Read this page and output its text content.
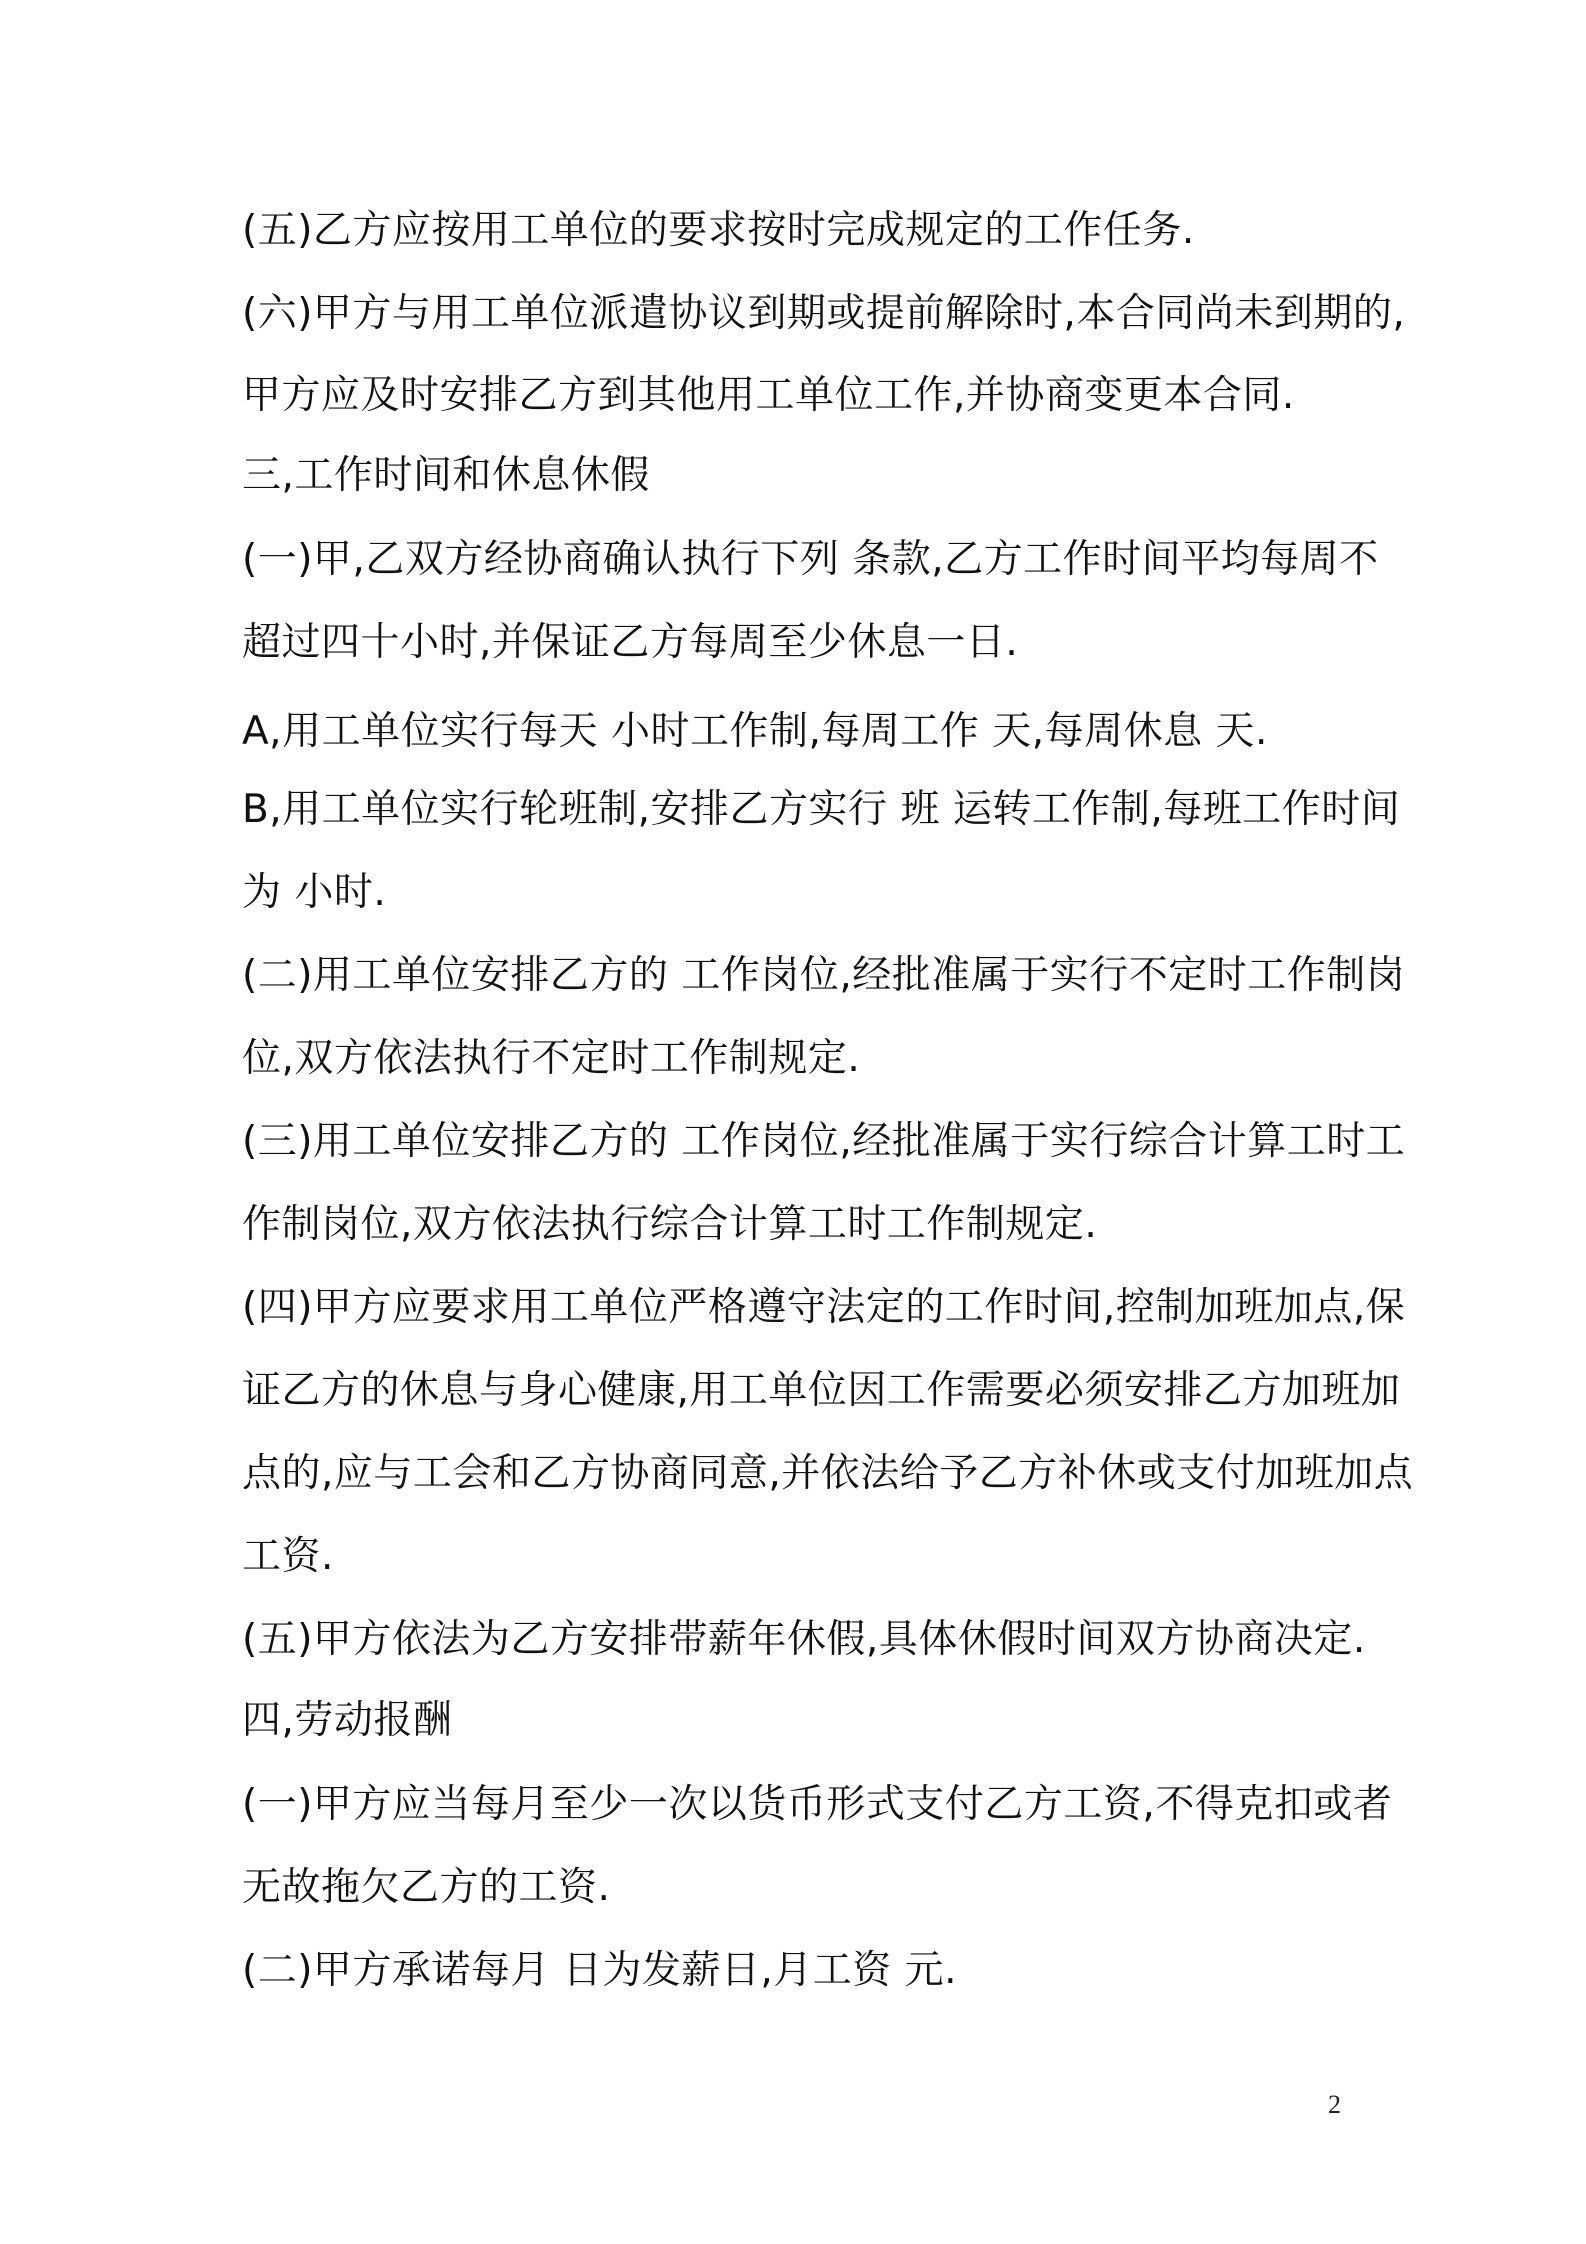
(五)乙方应按用工单位的要求按时完成规定的工作任务.
(六)甲方与用工单位派遣协议到期或提前解除时,本合同尚未到期的,
甲方应及时安排乙方到其他用工单位工作,并协商变更本合同.
三,工作时间和休息休假
(一)甲,乙双方经协商确认执行下列 条款,乙方工作时间平均每周不
超过四十小时,并保证乙方每周至少休息一日.
A,用工单位实行每天 小时工作制,每周工作 天,每周休息 天.
B,用工单位实行轮班制,安排乙方实行 班 运转工作制,每班工作时间
为 小时.
(二)用工单位安排乙方的 工作岗位,经批准属于实行不定时工作制岗
位,双方依法执行不定时工作制规定.
(三)用工单位安排乙方的 工作岗位,经批准属于实行综合计算工时工
作制岗位,双方依法执行综合计算工时工作制规定.
(四)甲方应要求用工单位严格遵守法定的工作时间,控制加班加点,保
证乙方的休息与身心健康,用工单位因工作需要必须安排乙方加班加
点的,应与工会和乙方协商同意,并依法给予乙方补休或支付加班加点
工资.
(五)甲方依法为乙方安排带薪年休假,具体休假时间双方协商决定.
四,劳动报酬
(一)甲方应当每月至少一次以货币形式支付乙方工资,不得克扣或者
无故拖欠乙方的工资.
(二)甲方承诺每月 日为发薪日,月工资 元.
2
